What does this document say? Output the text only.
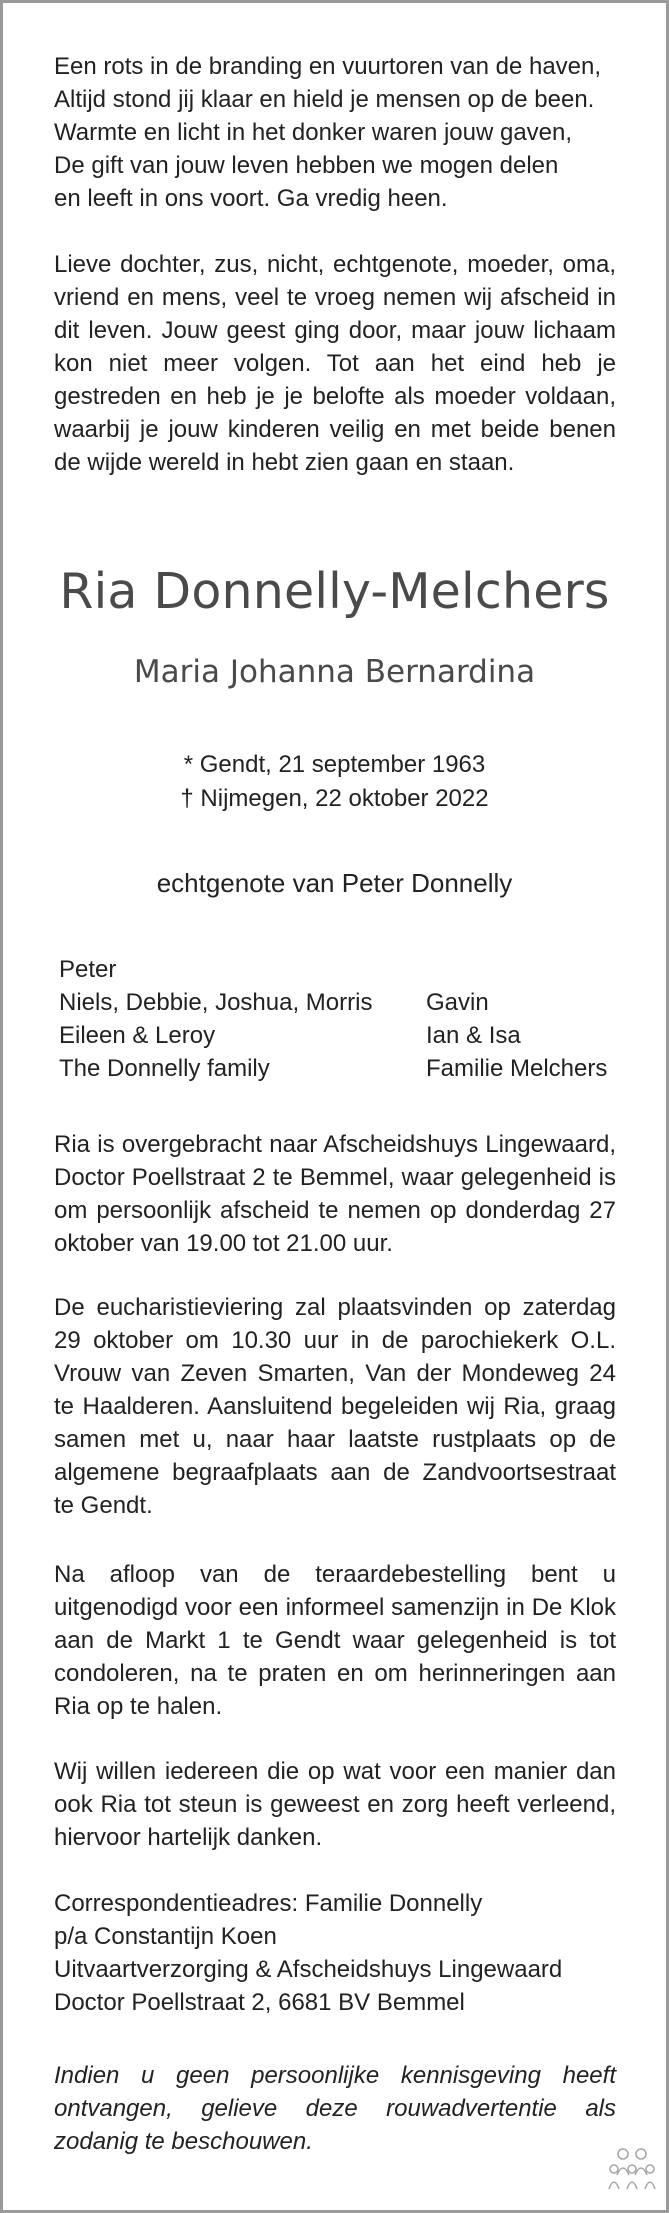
Een rots in de branding en vuurtoren van de haven,
Altijd stond jij klaar en hield je mensen op de been.
Warmte en licht in het donker waren jouw gaven,
De gift van jouw leven hebben we mogen delen
en leeft in ons voort. Ga vredig heen.
Lieve dochter, zus, nicht, echtgenote, moeder, oma, vriend en mens, veel te vroeg nemen wij afscheid in dit leven. Jouw geest ging door, maar jouw lichaam kon niet meer volgen. Tot aan het eind heb je gestreden en heb je je belofte als moeder voldaan, waarbij je jouw kinderen veilig en met beide benen de wijde wereld in hebt zien gaan en staan.
Ria Donnelly-Melchers
Maria Johanna Bernardina
* Gendt, 21 september 1963
† Nijmegen, 22 oktober 2022
echtgenote van Peter Donnelly
Peter
Niels, Debbie, Joshua, Morris Gavin
Eileen & Leroy	Ian & Isa
The Donnelly family	Familie Melchers
Ria is overgebracht naar Afscheidshuys Lingewaard, Doctor Poellstraat 2 te Bemmel, waar gelegenheid is om persoonlijk afscheid te nemen op donderdag 27 oktober van 19.00 tot 21.00 uur.
De eucharistieviering zal plaatsvinden op zaterdag 29 oktober om 10.30 uur in de parochiekerk O.L. Vrouw van Zeven Smarten, Van der Mondeweg 24 te Haalderen. Aansluitend begeleiden wij Ria, graag samen met u, naar haar laatste rustplaats op de algemene begraafplaats aan de Zandvoortsestraat te Gendt.
Na afloop van de teraardebestelling bent u uitgenodigd voor een informeel samenzijn in De Klok aan de Markt 1 te Gendt waar gelegenheid is tot condoleren, na te praten en om herinneringen aan Ria op te halen.
Wij willen iedereen die op wat voor een manier dan ook Ria tot steun is geweest en zorg heeft verleend, hiervoor hartelijk danken.
Correspondentieadres: Familie Donnelly
p/a Constantijn Koen
Uitvaartverzorging & Afscheidshuys Lingewaard
Doctor Poellstraat 2, 6681 BV Bemmel
Indien u geen persoonlijke kennisgeving heeft ontvangen, gelieve deze rouwadvertentie als zodanig te beschouwen.
